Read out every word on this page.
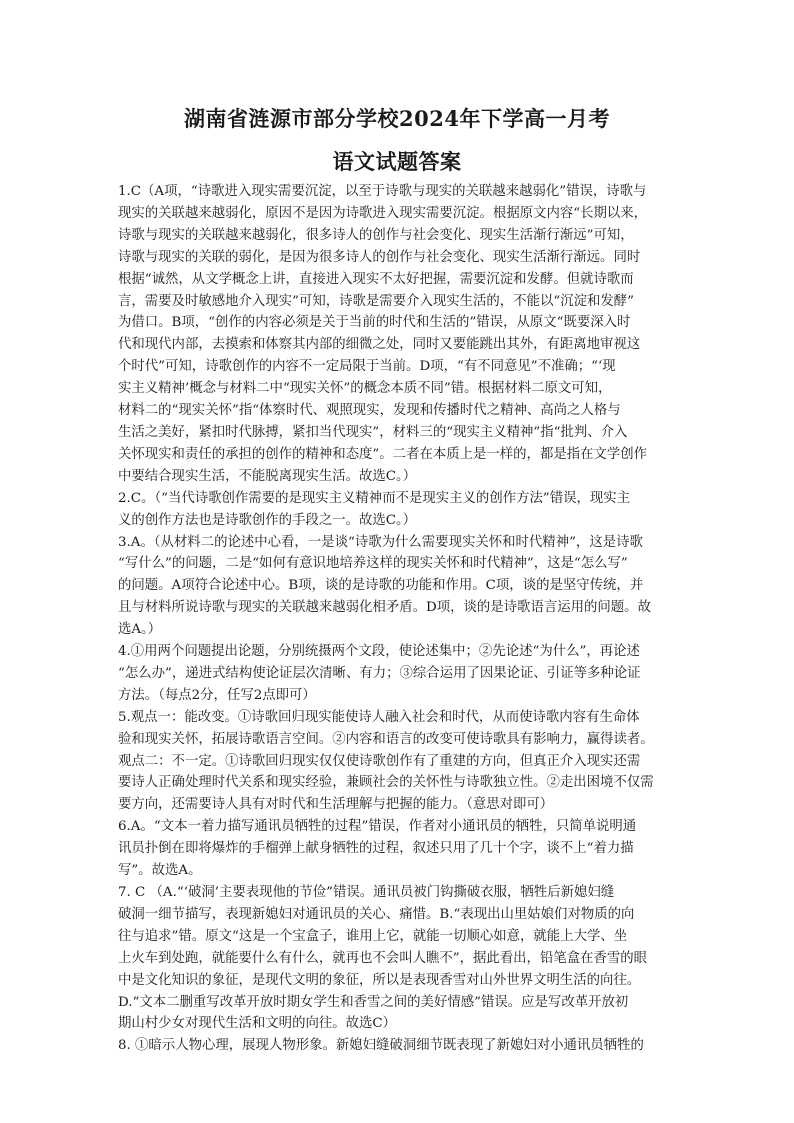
湖南省涟源市部分学校2024年下学高一月考
语文试题答案
1.C（A项，“诗歌进入现实需要沉淀，以至于诗歌与现实的关联越来越弱化”错误，诗歌与
现实的关联越来越弱化，原因不是因为诗歌进入现实需要沉淀。根据原文内容“长期以来，
诗歌与现实的关联越来越弱化，很多诗人的创作与社会变化、现实生活渐行渐远”可知，
诗歌与现实的关联的弱化，是因为很多诗人的创作与社会变化、现实生活渐行渐远。同时
根据“诚然，从文学概念上讲，直接进入现实不太好把握，需要沉淀和发酵。但就诗歌而
言，需要及时敏感地介入现实”可知，诗歌是需要介入现实生活的，不能以“沉淀和发酵”
为借口。B项，“创作的内容必须是关于当前的时代和生活的”错误，从原文“既要深入时
代和现代内部，去摸索和体察其内部的细微之处，同时又要能跳出其外，有距离地审视这
个时代”可知，诗歌创作的内容不一定局限于当前。D项，“有不同意见”不准确；“‘现
实主义精神’概念与材料二中“现实关怀”的概念本质不同”错。根据材料二原文可知，
材料二的“现实关怀”指“体察时代、观照现实，发现和传播时代之精神、高尚之人格与
生活之美好，紧扣时代脉搏，紧扣当代现实”，材料三的“现实主义精神”指“批判、介入
关怀现实和责任的承担的创作的精神和态度”。二者在本质上是一样的，都是指在文学创作
中要结合现实生活，不能脱离现实生活。故选C。）
2.C。（“当代诗歌创作需要的是现实主义精神而不是现实主义的创作方法”错误，现实主
义的创作方法也是诗歌创作的手段之一。故选C。）
3.A。（从材料二的论述中心看，一是谈“诗歌为什么需要现实关怀和时代精神”，这是诗歌
“写什么”的问题，二是“如何有意识地培养这样的现实关怀和时代精神”，这是“怎么写”
的问题。A项符合论述中心。B项，谈的是诗歌的功能和作用。C项，谈的是坚守传统，并
且与材料所说诗歌与现实的关联越来越弱化相矛盾。D项，谈的是诗歌语言运用的问题。故
选A。）
4.①用两个问题提出论题，分别统摄两个文段，使论述集中；②先论述“为什么”，再论述
“怎么办”，递进式结构使论证层次清晰、有力；③综合运用了因果论证、引证等多种论证
方法。（每点2分，任写2点即可）
5.观点一：能改变。①诗歌回归现实能使诗人融入社会和时代，从而使诗歌内容有生命体
验和现实关怀，拓展诗歌语言空间。②内容和语言的改变可使诗歌具有影响力，赢得读者。
观点二：不一定。①诗歌回归现实仅仅使诗歌创作有了重建的方向，但真正介入现实还需
要诗人正确处理时代关系和现实经验，兼顾社会的关怀性与诗歌独立性。②走出困境不仅需
要方向，还需要诗人具有对时代和生活理解与把握的能力。（意思对即可）
6.A。“文本一着力描写通讯员牺牲的过程”错误，作者对小通讯员的牺牲，只简单说明通
讯员扑倒在即将爆炸的手榴弹上献身牺牲的过程，叙述只用了几十个字，谈不上“着力描
写”。故选A。
7. C （A.“‘破洞’主要表现他的节俭”错误。通讯员被门钩撕破衣服，牺牲后新媳妇缝
破洞一细节描写，表现新媳妇对通讯员的关心、痛惜。B.“表现出山里姑娘们对物质的向
往与追求”错。原文“这是一个宝盒子，谁用上它，就能一切顺心如意，就能上大学、坐
上火车到处跑，就能要什么有什么，就再也不会叫人瞧不”，据此看出，铅笔盒在香雪的眼
中是文化知识的象征，是现代文明的象征，所以是表现香雪对山外世界文明生活的向往。
D.“文本二删重写改革开放时期女学生和香雪之间的美好情感”错误。应是写改革开放初
期山村少女对现代生活和文明的向往。故选C）
8. ①暗示人物心理，展现人物形象。新媳妇缝破洞细节既表现了新媳妇对小通讯员牺牲的
